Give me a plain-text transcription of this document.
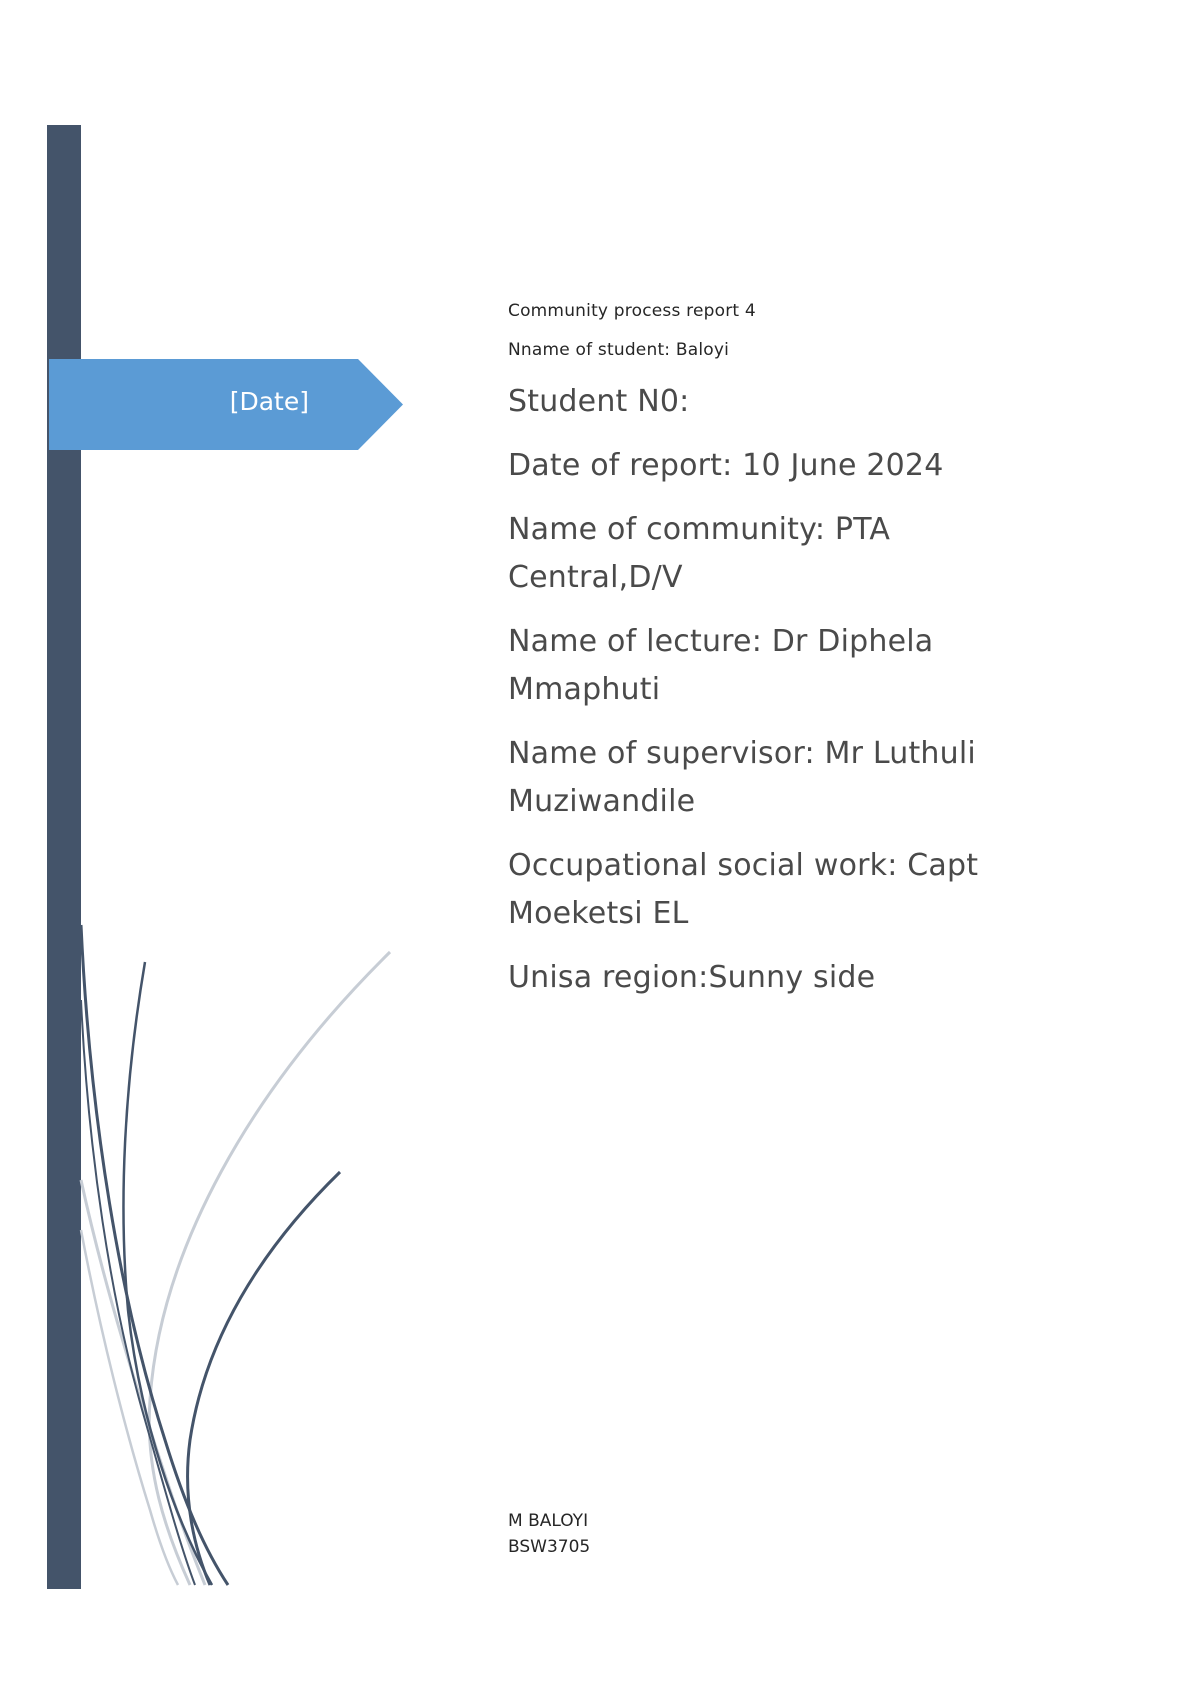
[Date]
Community process report 4
Nname of student: Baloyi
Student N0:
Date of report: 10 June 2024
Name of community: PTA Central,D/V
Name of lecture: Dr Diphela Mmaphuti
Name of supervisor: Mr Luthuli Muziwandile
Occupational social work: Capt Moeketsi EL
Unisa region:Sunny side
M BALOYI
BSW3705
